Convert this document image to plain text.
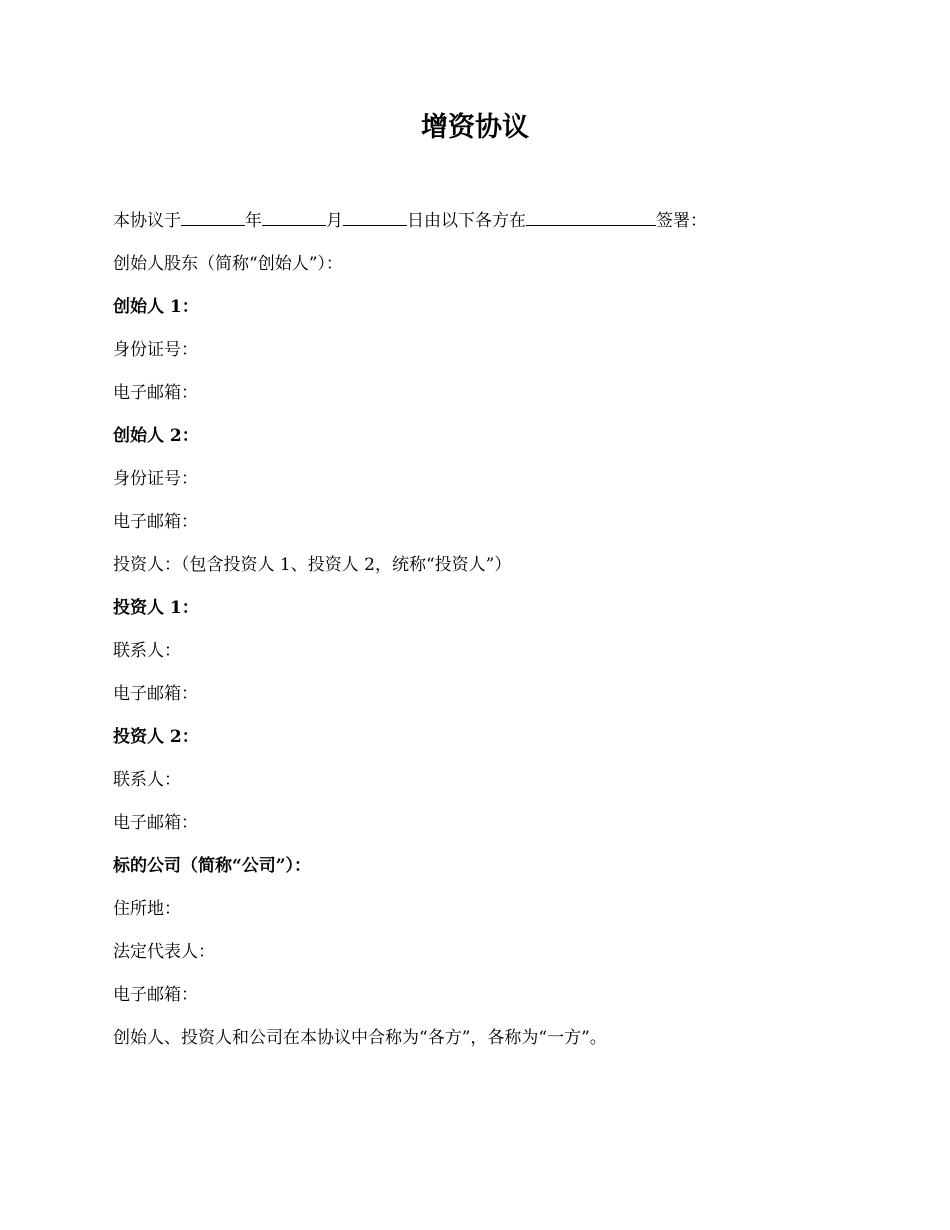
增资协议
本协议于	年	月	日由以下各方在	签署：
创始人股东（简称“创始人”）：
创始人 1：
身份证号：
电子邮箱：
创始人 2：
身份证号：
电子邮箱：
投资人：（包含投资人 1、投资人 2，统称“投资人”）
投资人 1：
联系人：
电子邮箱：
投资人 2：
联系人：
电子邮箱：
标的公司（简称“公司”）：
住所地：
法定代表人：
电子邮箱：
创始人、投资人和公司在本协议中合称为“各方”，各称为“一方”。
